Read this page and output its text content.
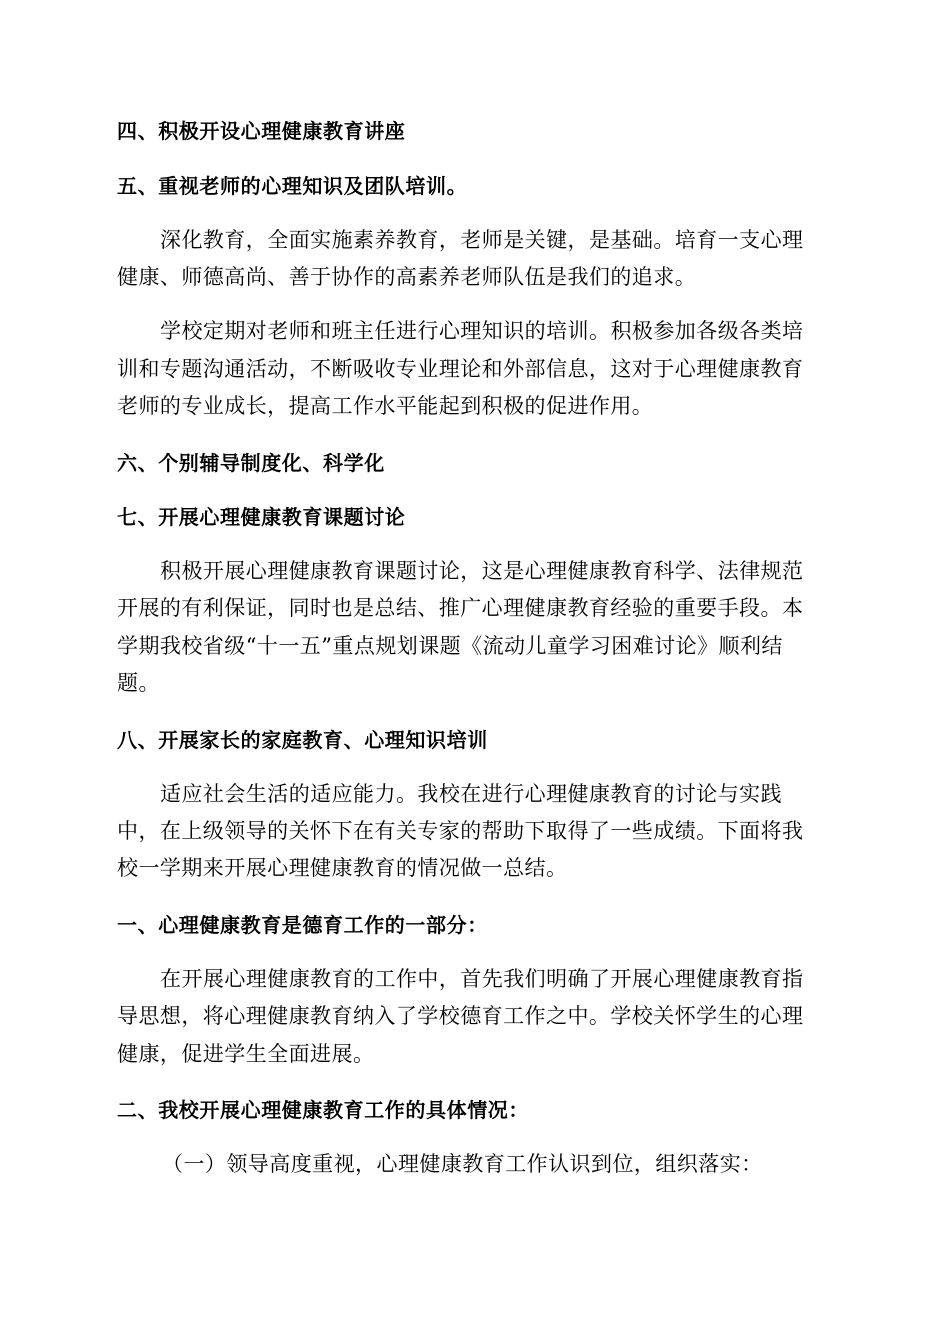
四、积极开设心理健康教育讲座
五、重视老师的心理知识及团队培训。
深化教育，全面实施素养教育，老师是关键，是基础。培育一支心理
健康、师德高尚、善于协作的高素养老师队伍是我们的追求。
学校定期对老师和班主任进行心理知识的培训。积极参加各级各类培
训和专题沟通活动，不断吸收专业理论和外部信息，这对于心理健康教育
老师的专业成长，提高工作水平能起到积极的促进作用。
六、个别辅导制度化、科学化
七、开展心理健康教育课题讨论
积极开展心理健康教育课题讨论，这是心理健康教育科学、法律规范
开展的有利保证，同时也是总结、推广心理健康教育经验的重要手段。本
学期我校省级“十一五”重点规划课题《流动儿童学习困难讨论》顺利结
题。
八、开展家长的家庭教育、心理知识培训
适应社会生活的适应能力。我校在进行心理健康教育的讨论与实践
中，在上级领导的关怀下在有关专家的帮助下取得了一些成绩。下面将我
校一学期来开展心理健康教育的情况做一总结。
一、心理健康教育是德育工作的一部分：
在开展心理健康教育的工作中，首先我们明确了开展心理健康教育指
导思想，将心理健康教育纳入了学校德育工作之中。学校关怀学生的心理
健康，促进学生全面进展。
二、我校开展心理健康教育工作的具体情况：
（一）领导高度重视，心理健康教育工作认识到位，组织落实：
